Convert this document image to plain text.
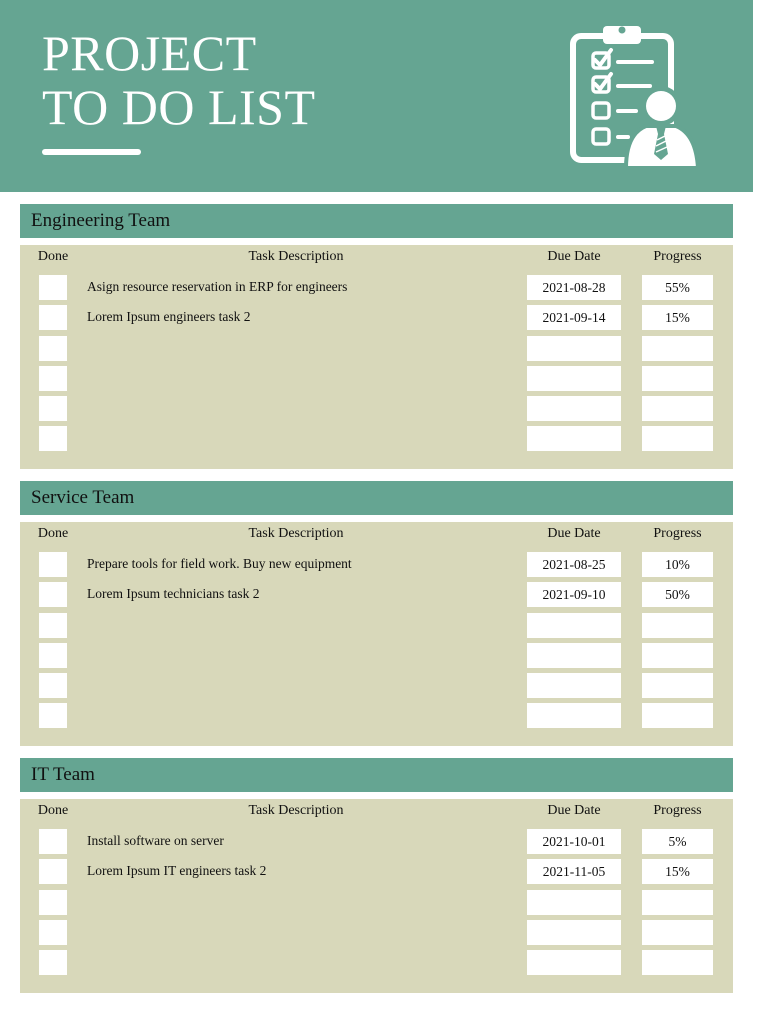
PROJECT
TO DO LIST
Engineering Team
Done	Task Description	Due Date	Progress
Asign resource reservation in ERP for engineers	2021-08-28	55%
Lorem Ipsum engineers task 2	2021-09-14	15%
Service Team
Done	Task Description	Due Date	Progress
Prepare tools for field work. Buy new equipment	2021-08-25	10%
Lorem Ipsum technicians task 2	2021-09-10	50%
IT Team
Done	Task Description	Due Date	Progress
Install software on server	2021-10-01	5%
Lorem Ipsum IT engineers task 2	2021-11-05	15%
